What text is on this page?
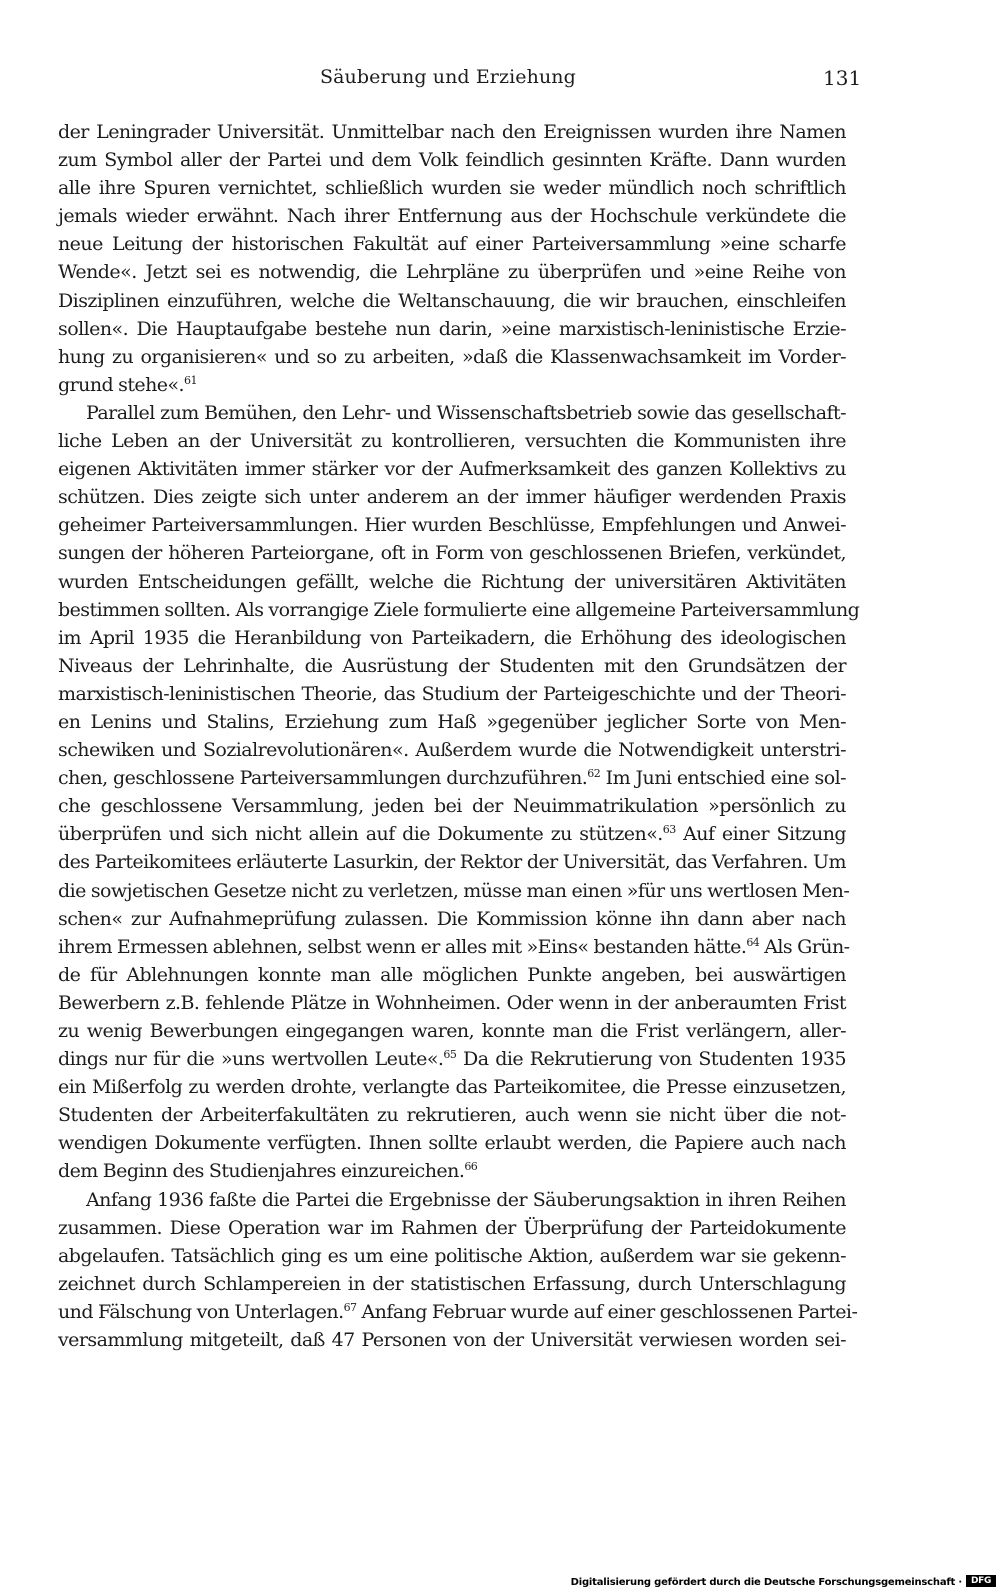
Säuberung und Erziehung	131
der Leningrader Universität. Unmittelbar nach den Ereignissen wurden ihre Namen
zum Symbol aller der Partei und dem Volk feindlich gesinnten Kräfte. Dann wurden
alle ihre Spuren vernichtet, schließlich wurden sie weder mündlich noch schriftlich
jemals wieder erwähnt. Nach ihrer Entfernung aus der Hochschule verkündete die
neue Leitung der historischen Fakultät auf einer Parteiversammlung »eine scharfe
Wende«. Jetzt sei es notwendig, die Lehrpläne zu überprüfen und »eine Reihe von
Disziplinen einzuführen, welche die Weltanschauung, die wir brauchen, einschleifen
sollen«. Die Hauptaufgabe bestehe nun darin, »eine marxistisch-leninistische Erzie-
hung zu organisieren« und so zu arbeiten, »daß die Klassenwachsamkeit im Vorder-
grund stehe«.$^{61}$
Parallel zum Bemühen, den Lehr- und Wissenschaftsbetrieb sowie das gesellschaft-
liche Leben an der Universität zu kontrollieren, versuchten die Kommunisten ihre
eigenen Aktivitäten immer stärker vor der Aufmerksamkeit des ganzen Kollektivs zu
schützen. Dies zeigte sich unter anderem an der immer häufiger werdenden Praxis
geheimer Parteiversammlungen. Hier wurden Beschlüsse, Empfehlungen und Anwei-
sungen der höheren Parteiorgane, oft in Form von geschlossenen Briefen, verkündet,
wurden Entscheidungen gefällt, welche die Richtung der universitären Aktivitäten
bestimmen sollten. Als vorrangige Ziele formulierte eine allgemeine Parteiversammlung
im April 1935 die Heranbildung von Parteikadern, die Erhöhung des ideologischen
Niveaus der Lehrinhalte, die Ausrüstung der Studenten mit den Grundsätzen der
marxistisch-leninistischen Theorie, das Studium der Parteigeschichte und der Theori-
en Lenins und Stalins, Erziehung zum Haß »gegenüber jeglicher Sorte von Men-
schewiken und Sozialrevolutionären«. Außerdem wurde die Notwendigkeit unterstri-
chen, geschlossene Parteiversammlungen durchzuführen.$^{62}$ Im Juni entschied eine sol-
che geschlossene Versammlung, jeden bei der Neuimmatrikulation »persönlich zu
überprüfen und sich nicht allein auf die Dokumente zu stützen«.$^{63}$ Auf einer Sitzung
des Parteikomitees erläuterte Lasurkin, der Rektor der Universität, das Verfahren. Um
die sowjetischen Gesetze nicht zu verletzen, müsse man einen »für uns wertlosen Men-
schen« zur Aufnahmeprüfung zulassen. Die Kommission könne ihn dann aber nach
ihrem Ermessen ablehnen, selbst wenn er alles mit »Eins« bestanden hätte.$^{64}$ Als Grün-
de für Ablehnungen konnte man alle möglichen Punkte angeben, bei auswärtigen
Bewerbern z.B. fehlende Plätze in Wohnheimen. Oder wenn in der anberaumten Frist
zu wenig Bewerbungen eingegangen waren, konnte man die Frist verlängern, aller-
dings nur für die »uns wertvollen Leute«.$^{65}$ Da die Rekrutierung von Studenten 1935
ein Mißerfolg zu werden drohte, verlangte das Parteikomitee, die Presse einzusetzen,
Studenten der Arbeiterfakultäten zu rekrutieren, auch wenn sie nicht über die not-
wendigen Dokumente verfügten. Ihnen sollte erlaubt werden, die Papiere auch nach
dem Beginn des Studienjahres einzureichen.$^{66}$
Anfang 1936 faßte die Partei die Ergebnisse der Säuberungsaktion in ihren Reihen
zusammen. Diese Operation war im Rahmen der Überprüfung der Parteidokumente
abgelaufen. Tatsächlich ging es um eine politische Aktion, außerdem war sie gekenn-
zeichnet durch Schlampereien in der statistischen Erfassung, durch Unterschlagung
und Fälschung von Unterlagen.$^{67}$ Anfang Februar wurde auf einer geschlossenen Partei-
versammlung mitgeteilt, daß 47 Personen von der Universität verwiesen worden sei-
Digitalisierung gefördert durch die Deutsche Forschungsgemeinschaft · DFG
